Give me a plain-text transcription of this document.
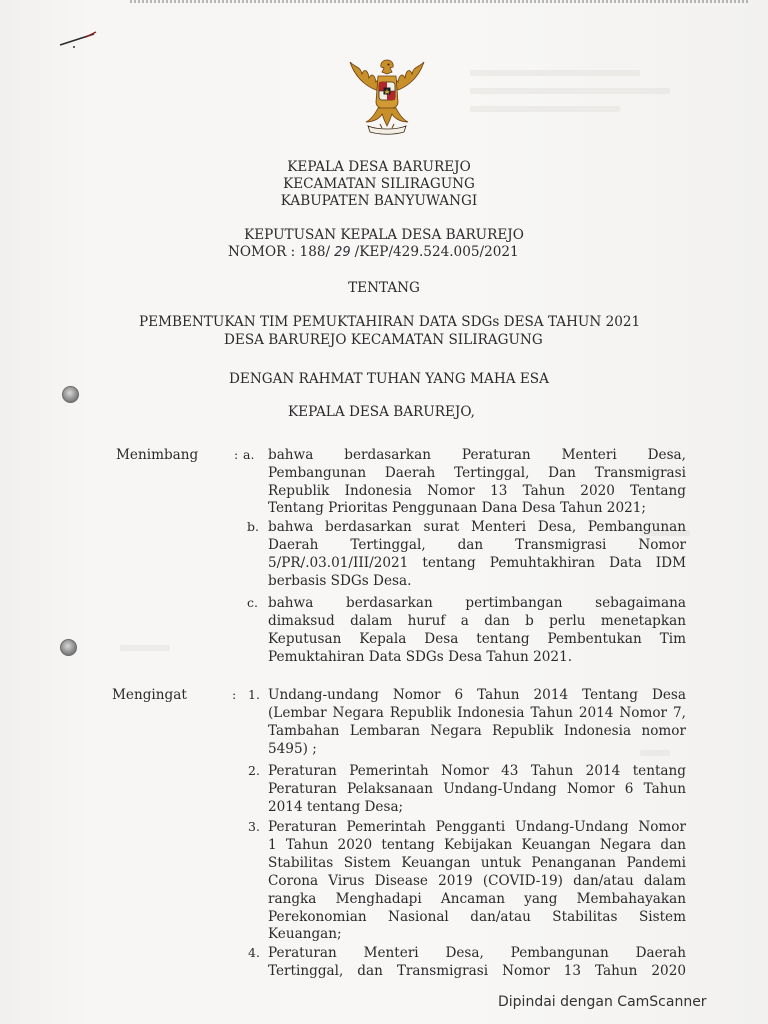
KEPALA DESA BARUREJO
KECAMATAN SILIRAGUNG
KABUPATEN BANYUWANGI
KEPUTUSAN KEPALA DESA BARUREJO
NOMOR : 188/ 29 /KEP/429.524.005/2021
TENTANG
PEMBENTUKAN TIM PEMUKTAHIRAN DATA SDGs DESA TAHUN 2021
DESA BARUREJO KECAMATAN SILIRAGUNG
DENGAN RAHMAT TUHAN YANG MAHA ESA
KEPALA DESA BARUREJO,
Menimbang	: a. bahwa berdasarkan Peraturan Menteri Desa,
Pembangunan Daerah Tertinggal, Dan Transmigrasi
Republik Indonesia Nomor 13 Tahun 2020 Tentang
Tentang Prioritas Penggunaan Dana Desa Tahun 2021;
b. bahwa berdasarkan surat Menteri Desa, Pembangunan
Daerah Tertinggal, dan Transmigrasi Nomor
5/PR/.03.01/III/2021 tentang Pemuhtakhiran Data IDM
berbasis SDGs Desa.
c. bahwa berdasarkan pertimbangan sebagaimana
dimaksud dalam huruf a dan b perlu menetapkan
Keputusan Kepala Desa tentang Pembentukan Tim
Pemuktahiran Data SDGs Desa Tahun 2021.
Mengingat	: 1. Undang-undang Nomor 6 Tahun 2014 Tentang Desa
(Lembar Negara Republik Indonesia Tahun 2014 Nomor 7,
Tambahan Lembaran Negara Republik Indonesia nomor
5495) ;
2. Peraturan Pemerintah Nomor 43 Tahun 2014 tentang
Peraturan Pelaksanaan Undang-Undang Nomor 6 Tahun
2014 tentang Desa;
3. Peraturan Pemerintah Pengganti Undang-Undang Nomor
1 Tahun 2020 tentang Kebijakan Keuangan Negara dan
Stabilitas Sistem Keuangan untuk Penanganan Pandemi
Corona Virus Disease 2019 (COVID-19) dan/atau dalam
rangka Menghadapi Ancaman yang Membahayakan
Perekonomian Nasional dan/atau Stabilitas Sistem
Keuangan;
4. Peraturan Menteri Desa, Pembangunan Daerah
Tertinggal, dan Transmigrasi Nomor 13 Tahun 2020
Dipindai dengan CamScanner
